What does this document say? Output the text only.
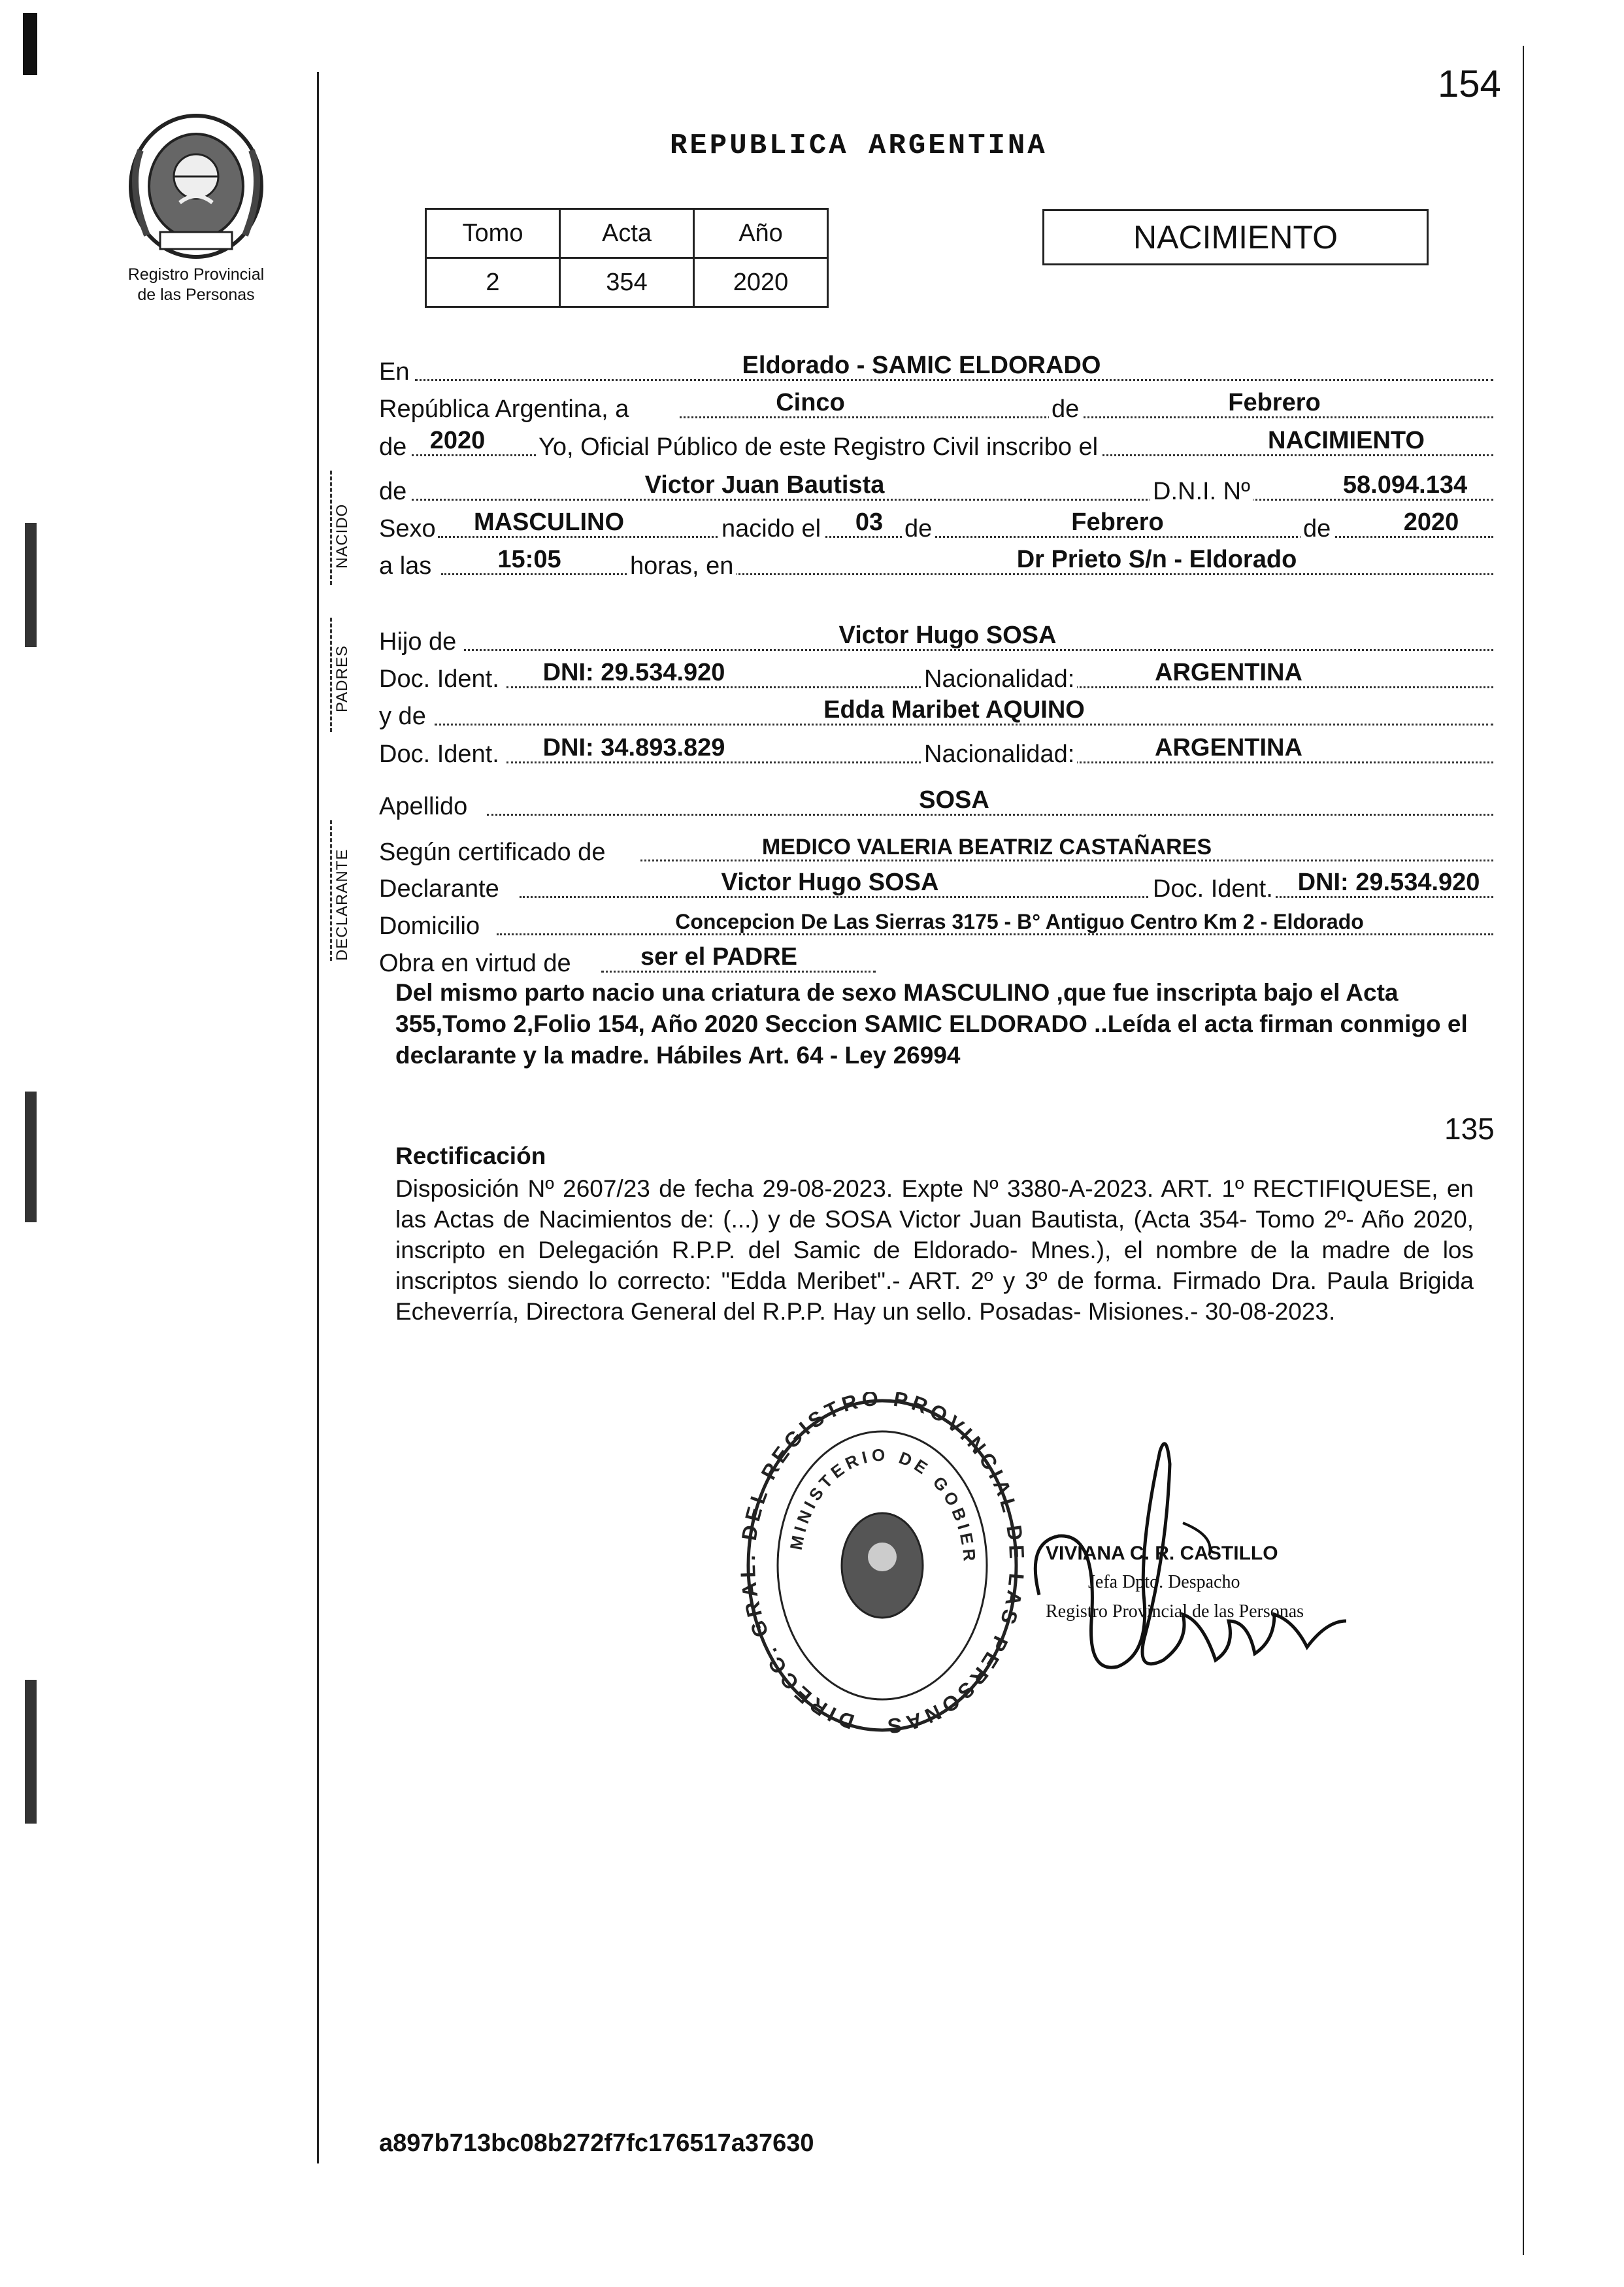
154
Registro Provincial
de las Personas
REPUBLICA ARGENTINA
Tomo	Acta	Año
2	354	2020
NACIMIENTO
NACIDO
PADRES
DECLARANTE
En	Eldorado - SAMIC ELDORADO
República Argentina, a	Cinco	de	Febrero
de 2020	Yo, Oficial Público de este Registro Civil inscribo el	NACIMIENTO
de	Victor Juan Bautista	D.N.I. Nº	58.094.134
Sexo MASCULINO	nacido el 03 de	Febrero	de	2020
a las	15:05	horas, en	Dr Prieto S/n - Eldorado
Hijo de	Victor Hugo SOSA
Doc. Ident.	DNI: 29.534.920	Nacionalidad:	ARGENTINA
y de	Edda Maribet AQUINO
Doc. Ident.	DNI: 34.893.829	Nacionalidad:	ARGENTINA
Apellido	SOSA
Según certificado de	MEDICO VALERIA BEATRIZ CASTAÑARES
Declarante	Victor Hugo SOSA	Doc. Ident. DNI: 29.534.920
Domicilio	Concepcion De Las Sierras 3175 - B° Antiguo Centro Km 2 - Eldorado
Obra en virtud de	ser el PADRE
Del mismo parto nacio una criatura de sexo MASCULINO ,que fue inscripta bajo el Acta 355,Tomo 2,Folio 154, Año 2020 Seccion SAMIC ELDORADO ..Leída el acta firman conmigo el declarante y la madre. Hábiles Art. 64 - Ley 26994
135
Rectificación
Disposición Nº 2607/23 de fecha 29-08-2023. Expte Nº 3380-A-2023. ART. 1º RECTIFIQUESE, en las Actas de Nacimientos de: (...) y de SOSA Victor Juan Bautista, (Acta 354- Tomo 2º- Año 2020, inscripto en Delegación R.P.P. del Samic de Eldorado- Mnes.), el nombre de la madre de los inscriptos siendo lo correcto: "Edda Meribet".- ART. 2º y 3º de forma. Firmado Dra. Paula Brigida Echeverría, Directora General del R.P.P. Hay un sello. Posadas- Misiones.- 30-08-2023.
DIRECC. GRA DEL REGISTRO PROVINCIAL D LAS PERSONAS
MINISTERIO DE GOBIER	VIVIANA C. R. CASTILLO
Jefa Dpto. Despacho
Registro Provincial de las Personas
a897b713bc08b272f7fc176517a37630
